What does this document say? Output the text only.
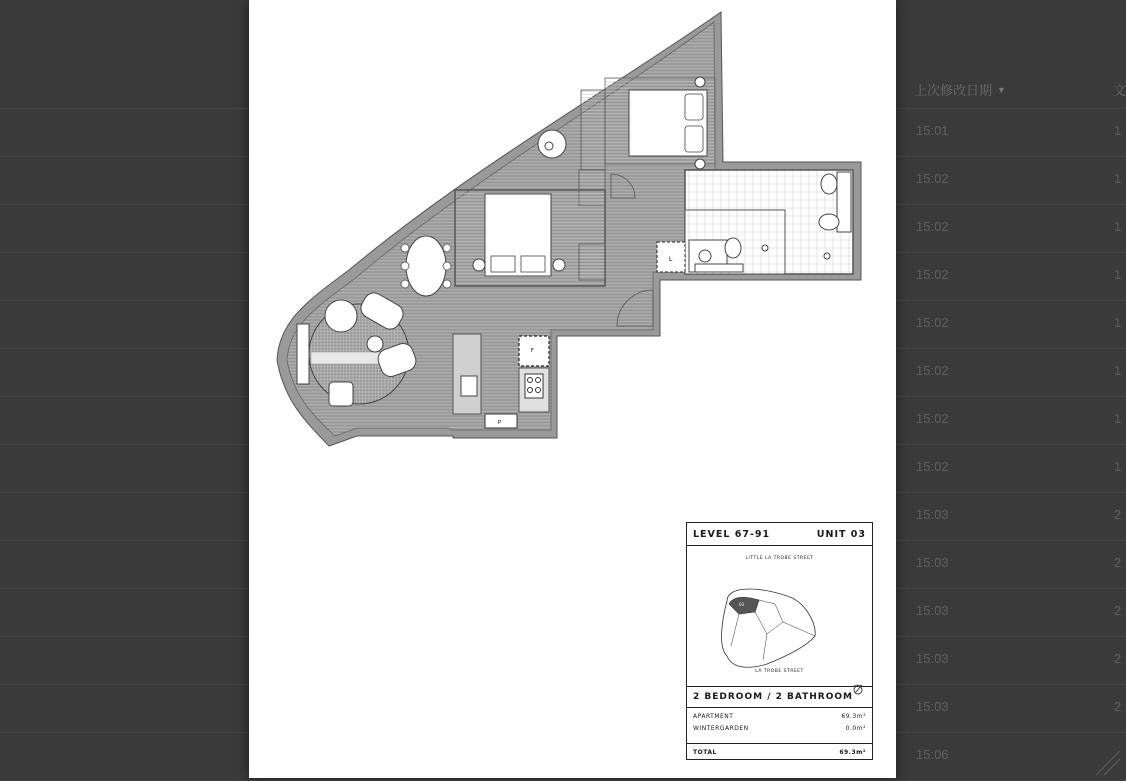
上次修改日期 ▼	文
15:01	1
15:02	1
15:02	1
15:02	1
15:02	1
15:02	1
15:02	1
15:02	1
15:03	2
15:03	2
15:03	2
15:03	2
15:03	2
15:06
L
P
F
LEVEL 67-91	UNIT 03
LITTLE LA TROBE STREET
03
LA TROBE STREET
2 BEDROOM / 2 BATHROOM
APARTMENT	69.3m²
WINTERGARDEN	0.0m²
TOTAL	69.3m²
